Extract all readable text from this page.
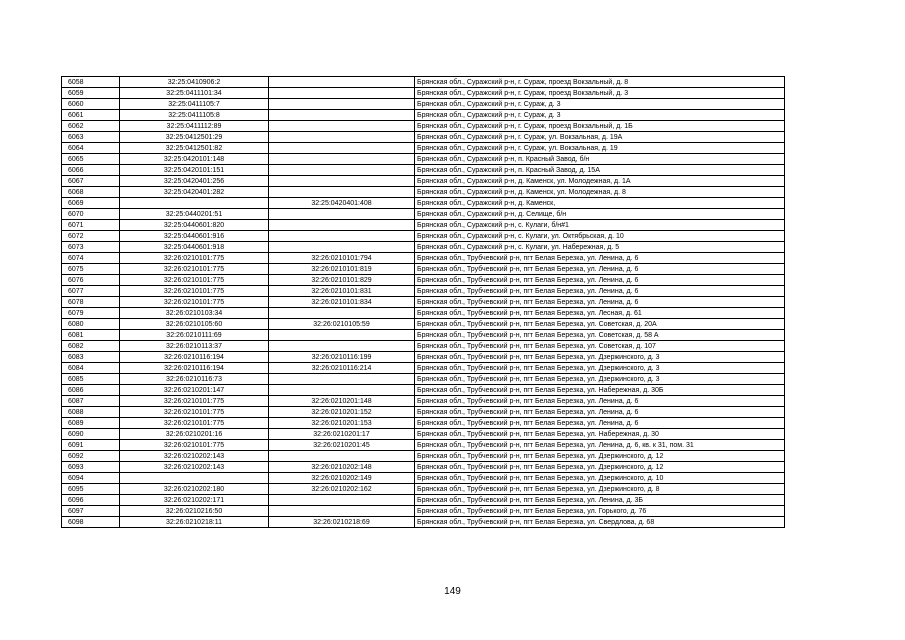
6058	32:25:0410906:2		Брянская обл., Суражский р-н, г. Сураж, проезд Вокзальный, д. 8
6059	32:25:0411101:34		Брянская обл., Суражский р-н, г. Сураж, проезд Вокзальный, д. 3
6060	32:25:0411105:7		Брянская обл., Суражский р-н, г. Сураж, д. 3
6061	32:25:0411105:8		Брянская обл., Суражский р-н, г. Сураж, д. 3
6062	32:25:0411112:89		Брянская обл., Суражский р-н, г. Сураж, проезд Вокзальный, д. 1Б
6063	32:25:0412501:29		Брянская обл., Суражский р-н, г. Сураж, ул. Вокзальная, д. 19А
6064	32:25:0412501:82		Брянская обл., Суражский р-н, г. Сураж, ул. Вокзальная, д. 19
6065	32:25:0420101:148		Брянская обл., Суражский р-н, п. Красный Завод, б/н
6066	32:25:0420101:151		Брянская обл., Суражский р-н, п. Красный Завод, д. 15А
6067	32:25:0420401:256		Брянская обл., Суражский р-н, д. Каменск, ул. Молодежная, д. 1А
6068	32:25:0420401:282		Брянская обл., Суражский р-н, д. Каменск, ул. Молодежная, д. 8
6069		32:25:0420401:408	Брянская обл., Суражский р-н, д. Каменск,
6070	32:25:0440201:51		Брянская обл., Суражский р-н, д. Селище, б/н
6071	32:25:0440601:820		Брянская обл., Суражский р-н, с. Кулаги, б/н#1
6072	32:25:0440601:916		Брянская обл., Суражский р-н, с. Кулаги, ул. Октябрьская, д. 10
6073	32:25:0440601:918		Брянская обл., Суражский р-н, с. Кулаги, ул. Набережная, д. 5
6074	32:26:0210101:775	32:26:0210101:794	Брянская обл., Трубчевский р-н, пгт Белая Березка, ул. Ленина, д. 6
6075	32:26:0210101:775	32:26:0210101:819	Брянская обл., Трубчевский р-н, пгт Белая Березка, ул. Ленина, д. 6
6076	32:26:0210101:775	32:26:0210101:829	Брянская обл., Трубчевский р-н, пгт Белая Березка, ул. Ленина, д. 6
6077	32:26:0210101:775	32:26:0210101:831	Брянская обл., Трубчевский р-н, пгт Белая Березка, ул. Ленина, д. 6
6078	32:26:0210101:775	32:26:0210101:834	Брянская обл., Трубчевский р-н, пгт Белая Березка, ул. Ленина, д. 6
6079	32:26:0210103:34		Брянская обл., Трубчевский р-н, пгт Белая Березка, ул. Лесная, д. 61
6080	32:26:0210105:60	32:26:0210105:59	Брянская обл., Трубчевский р-н, пгт Белая Березка, ул. Советская, д. 20А
6081	32:26:0210111:69		Брянская обл., Трубчевский р-н, пгт Белая Березка, ул. Советская, д. 58 А
6082	32:26:0210113:37		Брянская обл., Трубчевский р-н, пгт Белая Березка, ул. Советская, д. 107
6083	32:26:0210116:194	32:26:0210116:199	Брянская обл., Трубчевский р-н, пгт Белая Березка, ул. Дзержинского, д. 3
6084	32:26:0210116:194	32:26:0210116:214	Брянская обл., Трубчевский р-н, пгт Белая Березка, ул. Дзержинского, д. 3
6085	32:26:0210116:73		Брянская обл., Трубчевский р-н, пгт Белая Березка, ул. Дзержинского, д. 3
6086	32:26:0210201:147		Брянская обл., Трубчевский р-н, пгт Белая Березка, ул. Набережная, д. 30Б
6087	32:26:0210101:775	32:26:0210201:148	Брянская обл., Трубчевский р-н, пгт Белая Березка, ул. Ленина, д. 6
6088	32:26:0210101:775	32:26:0210201:152	Брянская обл., Трубчевский р-н, пгт Белая Березка, ул. Ленина, д. 6
6089	32:26:0210101:775	32:26:0210201:153	Брянская обл., Трубчевский р-н, пгт Белая Березка, ул. Ленина, д. 6
6090	32:26:0210201:16	32:26:0210201:17	Брянская обл., Трубчевский р-н, пгт Белая Березка, ул. Набережная, д. 30
6091	32:26:0210101:775	32:26:0210201:45	Брянская обл., Трубчевский р-н, пгт Белая Березка, ул. Ленина, д. 6, кв. к 31, пом. 31
6092	32:26:0210202:143		Брянская обл., Трубчевский р-н, пгт Белая Березка, ул. Дзержинского, д. 12
6093	32:26:0210202:143	32:26:0210202:148	Брянская обл., Трубчевский р-н, пгт Белая Березка, ул. Дзержинского, д. 12
6094		32:26:0210202:149	Брянская обл., Трубчевский р-н, пгт Белая Березка, ул. Дзержинского, д. 10
6095	32:26:0210202:180	32:26:0210202:162	Брянская обл., Трубчевский р-н, пгт Белая Березка, ул. Дзержинского, д. 8
6096	32:26:0210202:171		Брянская обл., Трубчевский р-н, пгт Белая Березка, ул. Ленина, д. 3Б
6097	32:26:0210216:50		Брянская обл., Трубчевский р-н, пгт Белая Березка, ул. Горького, д. 76
6098	32:26:0210218:11	32:26:0210218:69	Брянская обл., Трубчевский р-н, пгт Белая Березка, ул. Свердлова, д. 68
149
